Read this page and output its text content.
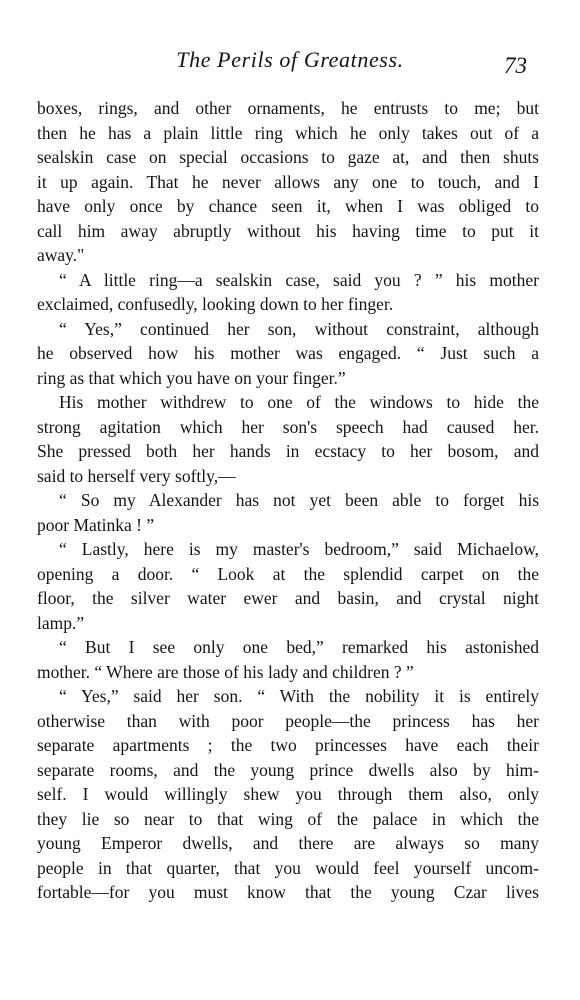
The Perils of Greatness.	73
boxes, rings, and other ornaments, he entrusts to me; but
then he has a plain little ring which he only takes out of a
sealskin case on special occasions to gaze at, and then shuts
it up again. That he never allows any one to touch, and I
have only once by chance seen it, when I was obliged to
call him away abruptly without his having time to put it
away."
“ A little ring—a sealskin case, said you ? ” his mother
exclaimed, confusedly, looking down to her finger.
“ Yes,” continued her son, without constraint, although
he observed how his mother was engaged. “ Just such a
ring as that which you have on your finger.”
His mother withdrew to one of the windows to hide the
strong agitation which her son's speech had caused her.
She pressed both her hands in ecstacy to her bosom, and
said to herself very softly,—
“ So my Alexander has not yet been able to forget his
poor Matinka ! ”
“ Lastly, here is my master's bedroom,” said Michaelow,
opening a door. “ Look at the splendid carpet on the
floor, the silver water ewer and basin, and crystal night
lamp.”
“ But I see only one bed,” remarked his astonished
mother. “ Where are those of his lady and children ? ”
“ Yes,” said her son. “ With the nobility it is entirely
otherwise than with poor people—the princess has her
separate apartments ; the two princesses have each their
separate rooms, and the young prince dwells also by him-
self. I would willingly shew you through them also, only
they lie so near to that wing of the palace in which the
young Emperor dwells, and there are always so many
people in that quarter, that you would feel yourself uncom-
fortable—for you must know that the young Czar lives
